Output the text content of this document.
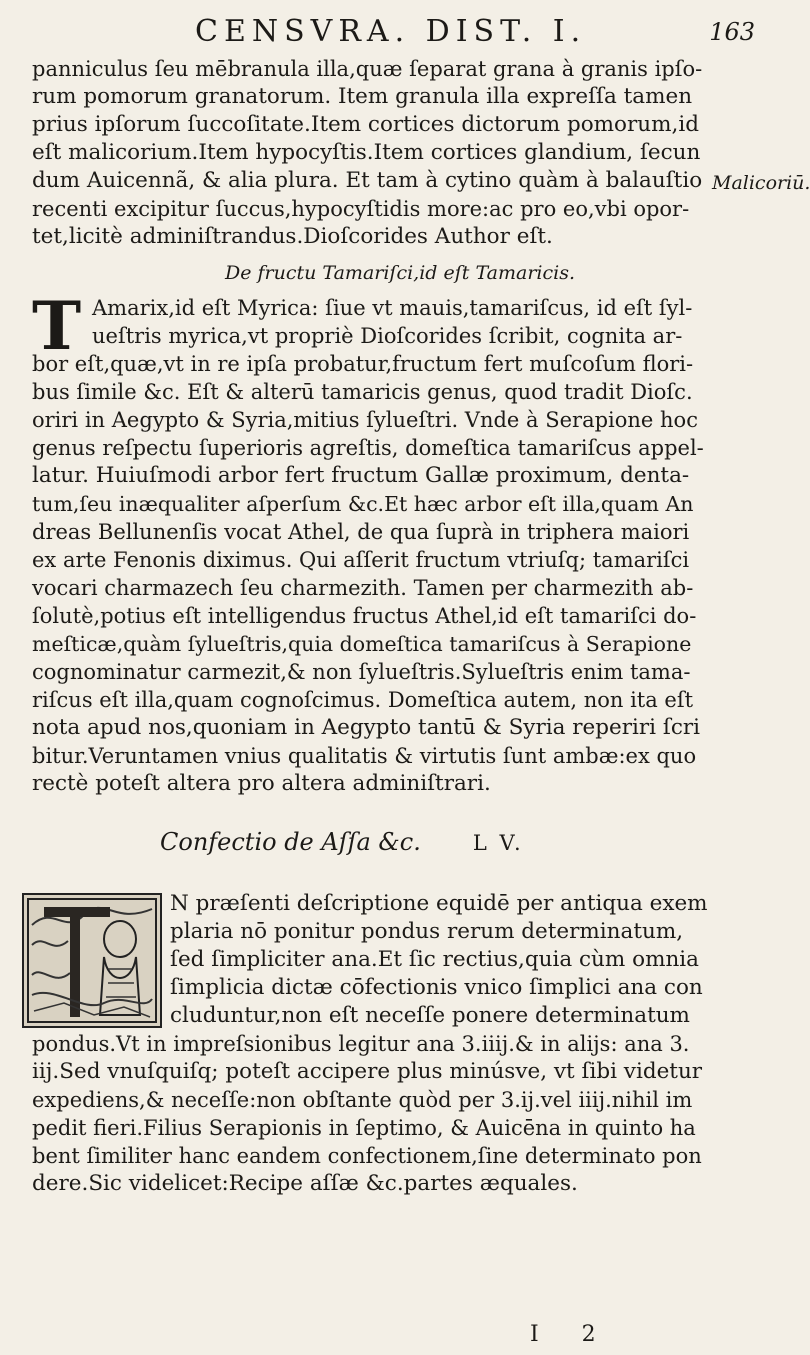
CENSVRA. DIST. I.	163
Malicoriū.
panniculus ſeu mēbranula illa,quæ ſeparat grana à granis ipſo-
rum pomorum granatorum. Item granula illa expreſſa tamen
prius ipſorum ſuccoſitate.Item cortices dictorum pomorum,id
eſt malicorium.Item hypocyſtis.Item cortices glandium, ſecun
dum Auicennã, & alia plura. Et tam à cytino quàm à balauſtio
recenti excipitur ſuccus,hypocyſtidis more:ac pro eo,vbi opor-
tet,licitè adminiſtrandus.Dioſcorides Author eſt.
De fructu Tamariſci,id eſt Tamaricis.
T Amarix,id eſt Myrica: ſiue vt mauis,tamariſcus, id eſt ſyl-
ueſtris myrica,vt propriè Dioſcorides ſcribit, cognita ar-
bor eſt,quæ,vt in re ipſa probatur,fructum fert muſcoſum flori-
bus ſimile &c. Eſt & alterū tamaricis genus, quod tradit Dioſc.
oriri in Aegypto & Syria,mitius ſylueſtri. Vnde à Serapione hoc
genus reſpectu ſuperioris agreſtis, domeſtica tamariſcus appel-
latur. Huiuſmodi arbor fert fructum Gallæ proximum, denta-
tum,ſeu inæqualiter aſperſum &c.Et hæc arbor eſt illa,quam An
dreas Bellunenſis vocat Athel, de qua ſuprà in triphera maiori
ex arte Fenonis diximus. Qui aſſerit fructum vtriuſq; tamariſci
vocari charmazech ſeu charmezith. Tamen per charmezith ab-
ſolutè,potius eſt intelligendus fructus Athel,id eſt tamariſci do-
meſticæ,quàm ſylueſtris,quia domeſtica tamariſcus à Serapione
cognominatur carmezit,& non ſylueſtris.Sylueſtris enim tama-
riſcus eſt illa,quam cognoſcimus. Domeſtica autem, non ita eſt
nota apud nos,quoniam in Aegypto tantū & Syria reperiri ſcri
bitur.Veruntamen vnius qualitatis & virtutis ſunt ambæ:ex quo
rectè poteſt altera pro altera adminiſtrari.
Confectio de Aſſa &c. L V.
N præſenti deſcriptione equidē per antiqua exem
plaria nō ponitur pondus rerum determinatum,
ſed ſimpliciter ana.Et ſic rectius,quia cùm omnia
ſimplicia dictæ cōfectionis vnico ſimplici ana con
cluduntur,non eſt neceſſe ponere determinatum
pondus.Vt in impreſsionibus legitur ana 3.iiij.& in alijs: ana 3.
iij.Sed vnuſquiſq; poteſt accipere plus minúsve, vt ſibi videtur
expediens,& neceſſe:non obſtante quòd per 3.ij.vel iiij.nihil im
pedit fieri.Filius Serapionis in ſeptimo, & Auicēna in quinto ha
bent ſimiliter hanc eandem confectionem,ſine determinato pon
dere.Sic videlicet:Recipe aſſæ &c.partes æquales.
I 2
